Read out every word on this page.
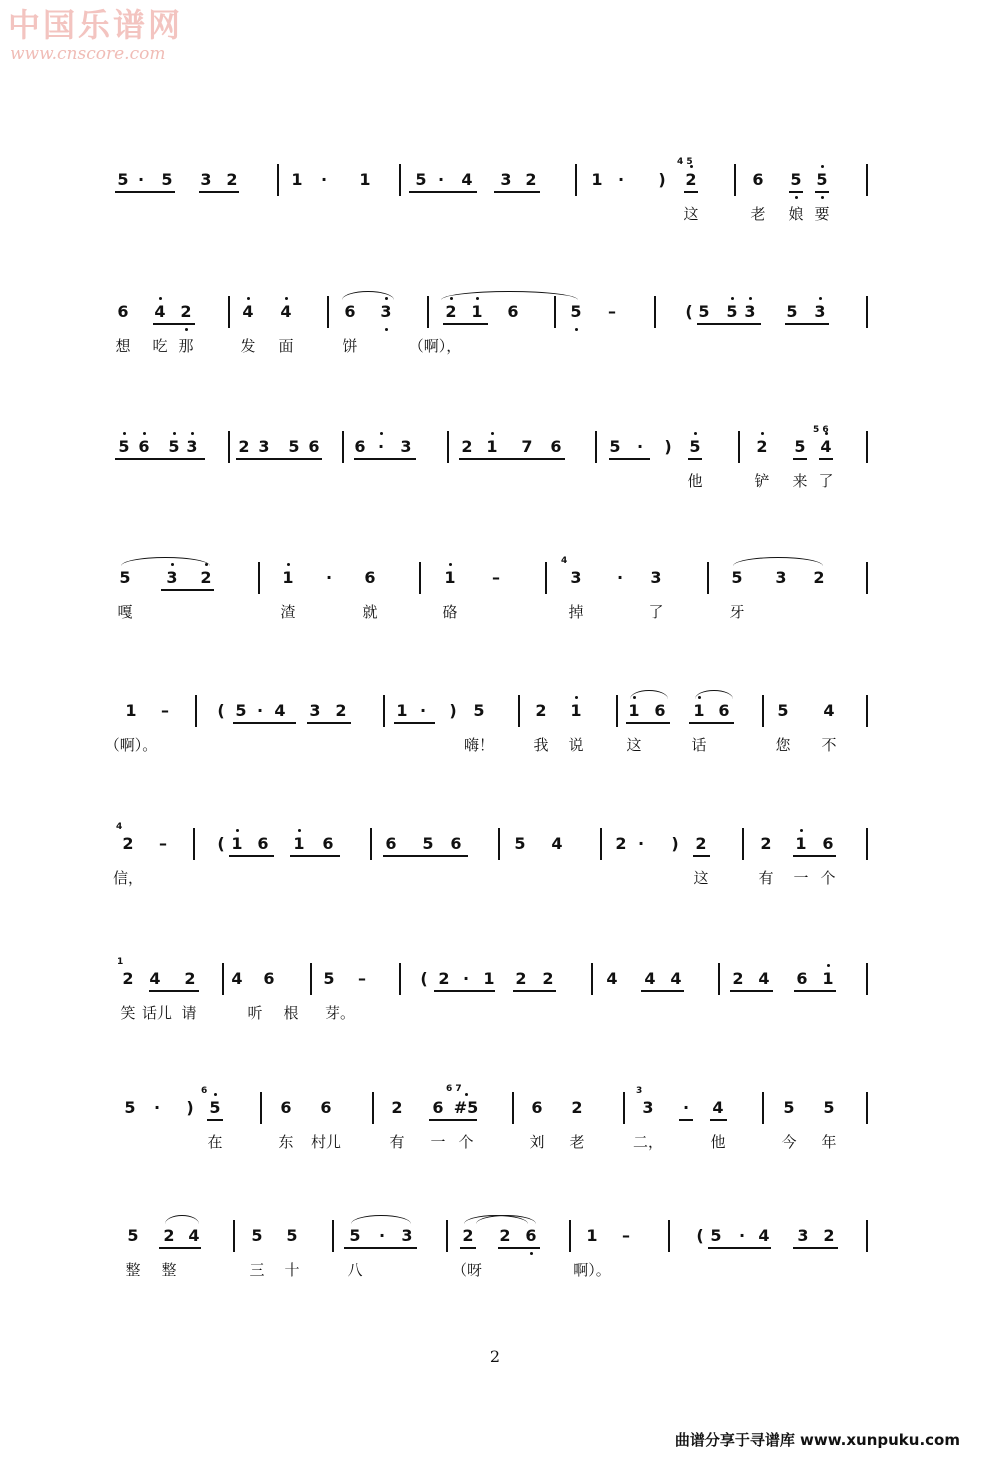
中国乐谱网
www.cnscore.com
5 · 5 3 2	1 · 1	5 · 4 3 2	1 · ) 2	6 5 5
这	老 娘 要
4 5
6 4 2	4 4	6 3	2 1 6	5 –	( 5 5 3 5 3
想 吃 那	发 面	饼	（啊），
5 6 5 3	2 3 5 6 6 · 3	2 1 7 6	5 · ) 5	2 5 4
他	铲 来 了
5 6
5 3 2	1 · 6	1 –	3 · 3	5 3 2
嘎	渣	就	硌	掉	了	牙
4
1 –	( 5 · 4 3 2	1 · ) 5	2 1	1 6 1 6	5 4
（啊）。	嗨！	我 说	这	话	您 不
2 –	( 1 6 1 6	6 5 6	5 4	2 · ) 2	2 1 6
信，	这	有 一 个
4
2 4 2 4 6	5 –	( 2 · 1 2 2	4 4 4	2 4 6 1
笑 话儿 请	听 根 芽。
1
5 · ) 5	6 6	2 6 #5	6 2	3 · 4	5 5
在	东 村儿	有 一 个	刘 老	二，	他	今 年
6	6 7	3
5 2 4	5 5	5 · 3	2 2 6	1 –	( 5 · 4 3 2
整 整	三 十	八	（呀	啊）。
2
曲谱分享于寻谱库 www.xunpuku.com
